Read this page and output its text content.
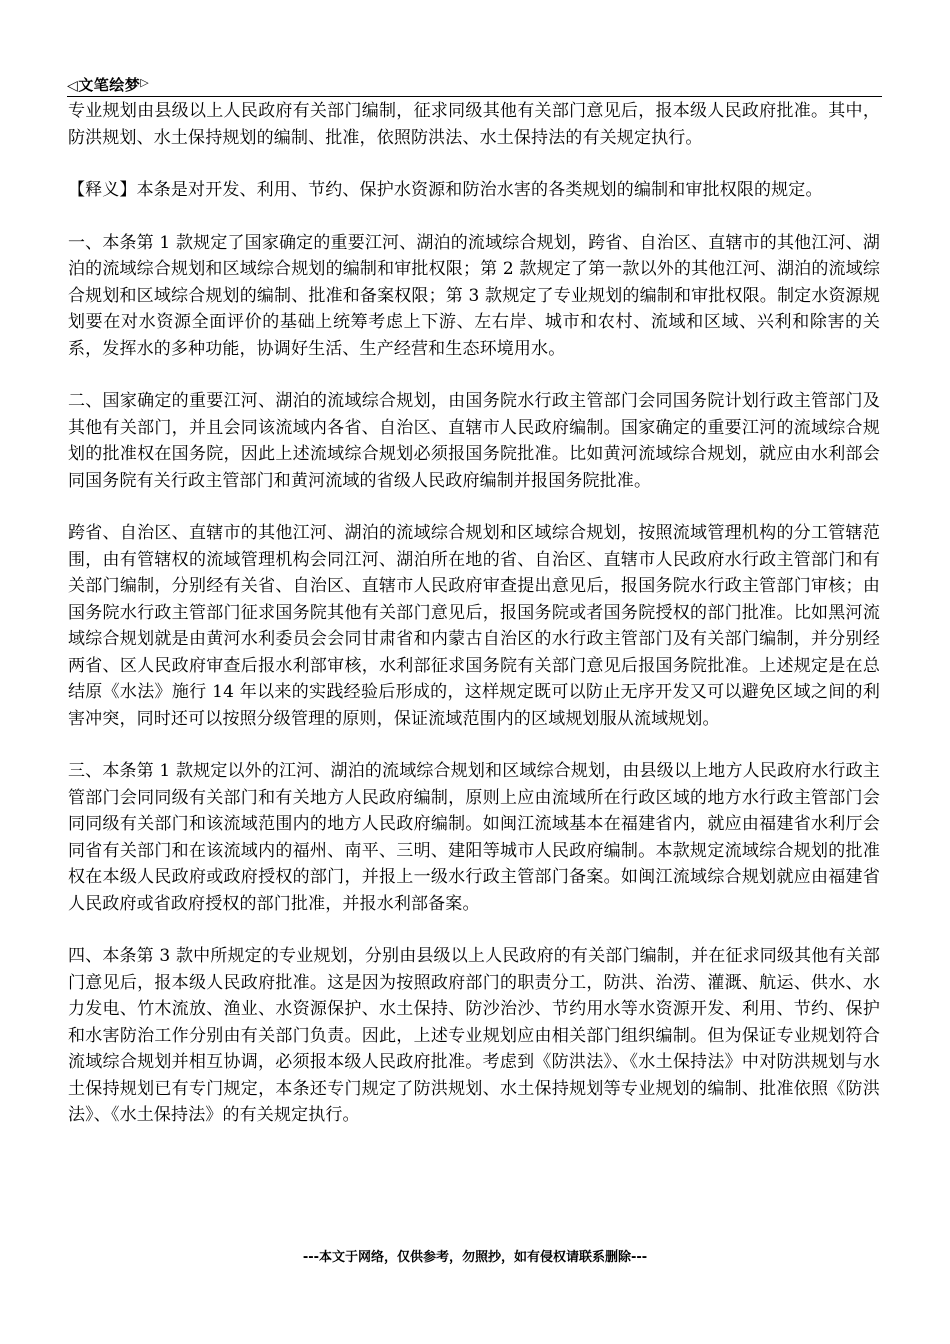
◁文笔绘梦▷

专业规划由县级以上人民政府有关部门编制，征求同级其他有关部门意见后，报本级人民政府批准。其中，防洪规划、水土保持规划的编制、批准，依照防洪法、水土保持法的有关规定执行。

【释义】本条是对开发、利用、节约、保护水资源和防治水害的各类规划的编制和审批权限的规定。

一、本条第 1 款规定了国家确定的重要江河、湖泊的流域综合规划，跨省、自治区、直辖市的其他江河、湖泊的流域综合规划和区域综合规划的编制和审批权限；第 2 款规定了第一款以外的其他江河、湖泊的流域综合规划和区域综合规划的编制、批准和备案权限；第 3 款规定了专业规划的编制和审批权限。制定水资源规划要在对水资源全面评价的基础上统筹考虑上下游、左右岸、城市和农村、流域和区域、兴利和除害的关系，发挥水的多种功能，协调好生活、生产经营和生态环境用水。

二、国家确定的重要江河、湖泊的流域综合规划，由国务院水行政主管部门会同国务院计划行政主管部门及其他有关部门，并且会同该流域内各省、自治区、直辖市人民政府编制。国家确定的重要江河的流域综合规划的批准权在国务院，因此上述流域综合规划必须报国务院批准。比如黄河流域综合规划，就应由水利部会同国务院有关行政主管部门和黄河流域的省级人民政府编制并报国务院批准。

跨省、自治区、直辖市的其他江河、湖泊的流域综合规划和区域综合规划，按照流域管理机构的分工管辖范围，由有管辖权的流域管理机构会同江河、湖泊所在地的省、自治区、直辖市人民政府水行政主管部门和有关部门编制，分别经有关省、自治区、直辖市人民政府审查提出意见后，报国务院水行政主管部门审核；由国务院水行政主管部门征求国务院其他有关部门意见后，报国务院或者国务院授权的部门批准。比如黑河流域综合规划就是由黄河水利委员会会同甘肃省和内蒙古自治区的水行政主管部门及有关部门编制，并分别经两省、区人民政府审查后报水利部审核，水利部征求国务院有关部门意见后报国务院批准。上述规定是在总结原《水法》施行 14 年以来的实践经验后形成的，这样规定既可以防止无序开发又可以避免区域之间的利害冲突，同时还可以按照分级管理的原则，保证流域范围内的区域规划服从流域规划。

三、本条第 1 款规定以外的江河、湖泊的流域综合规划和区域综合规划，由县级以上地方人民政府水行政主管部门会同同级有关部门和有关地方人民政府编制，原则上应由流域所在行政区域的地方水行政主管部门会同同级有关部门和该流域范围内的地方人民政府编制。如闽江流域基本在福建省内，就应由福建省水利厅会同省有关部门和在该流域内的福州、南平、三明、建阳等城市人民政府编制。本款规定流域综合规划的批准权在本级人民政府或政府授权的部门，并报上一级水行政主管部门备案。如闽江流域综合规划就应由福建省人民政府或省政府授权的部门批准，并报水利部备案。

四、本条第 3 款中所规定的专业规划，分别由县级以上人民政府的有关部门编制，并在征求同级其他有关部门意见后，报本级人民政府批准。这是因为按照政府部门的职责分工，防洪、治涝、灌溉、航运、供水、水力发电、竹木流放、渔业、水资源保护、水土保持、防沙治沙、节约用水等水资源开发、利用、节约、保护和水害防治工作分别由有关部门负责。因此，上述专业规划应由相关部门组织编制。但为保证专业规划符合流域综合规划并相互协调，必须报本级人民政府批准。考虑到《防洪法》、《水土保持法》中对防洪规划与水土保持规划已有专门规定，本条还专门规定了防洪规划、水土保持规划等专业规划的编制、批准依照《防洪法》、《水土保持法》的有关规定执行。

---本文于网络，仅供参考，勿照抄，如有侵权请联系删除---
